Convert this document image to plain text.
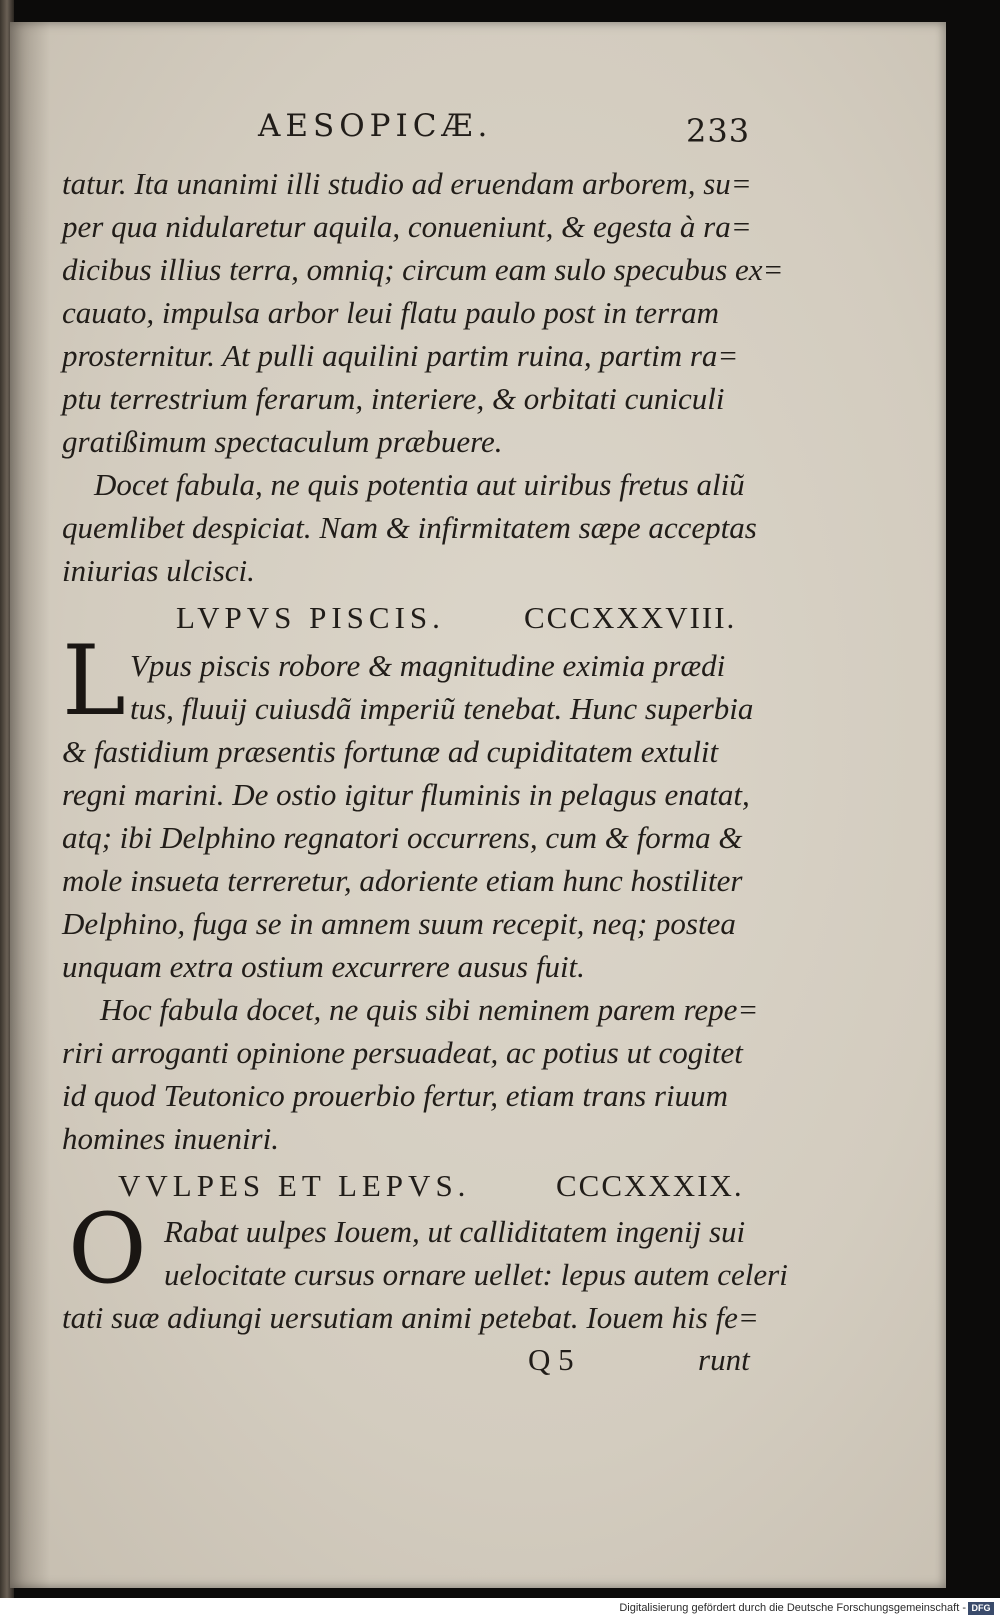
AESOPICÆ.	233
tatur. Ita unanimi illi studio ad eruendam arborem, su=
per qua nidularetur aquila, conueniunt, & egesta à ra=
dicibus illius terra, omniq; circum eam sulo specubus ex=
cauato, impulsa arbor leui flatu paulo post in terram
prosternitur. At pulli aquilini partim ruina, partim ra=
ptu terrestrium ferarum, interiere, & orbitati cuniculi
gratißimum spectaculum præbuere.
Docet fabula, ne quis potentia aut uiribus fretus aliũ
quemlibet despiciat. Nam & infirmitatem sæpe acceptas
iniurias ulcisci.
LVPVS PISCIS.	CCCXXXVIII.
L Vpus piscis robore & magnitudine eximia prædi
tus, fluuij cuiusdã imperiũ tenebat. Hunc superbia
& fastidium præsentis fortunæ ad cupiditatem extulit
regni marini. De ostio igitur fluminis in pelagus enatat,
atq; ibi Delphino regnatori occurrens, cum & forma &
mole insueta terreretur, adoriente etiam hunc hostiliter
Delphino, fuga se in amnem suum recepit, neq; postea
unquam extra ostium excurrere ausus fuit.
Hoc fabula docet, ne quis sibi neminem parem repe=
riri arroganti opinione persuadeat, ac potius ut cogitet
id quod Teutonico prouerbio fertur, etiam trans riuum
homines inueniri.
VVLPES ET LEPVS.	CCCXXXIX.
O Rabat uulpes Iouem, ut calliditatem ingenij sui
uelocitate cursus ornare uellet: lepus autem celeri
tati suæ adiungi uersutiam animi petebat. Iouem his fe=
Q 5	runt
Digitalisierung gefördert durch die Deutsche Forschungsgemeinschaft - DFG
